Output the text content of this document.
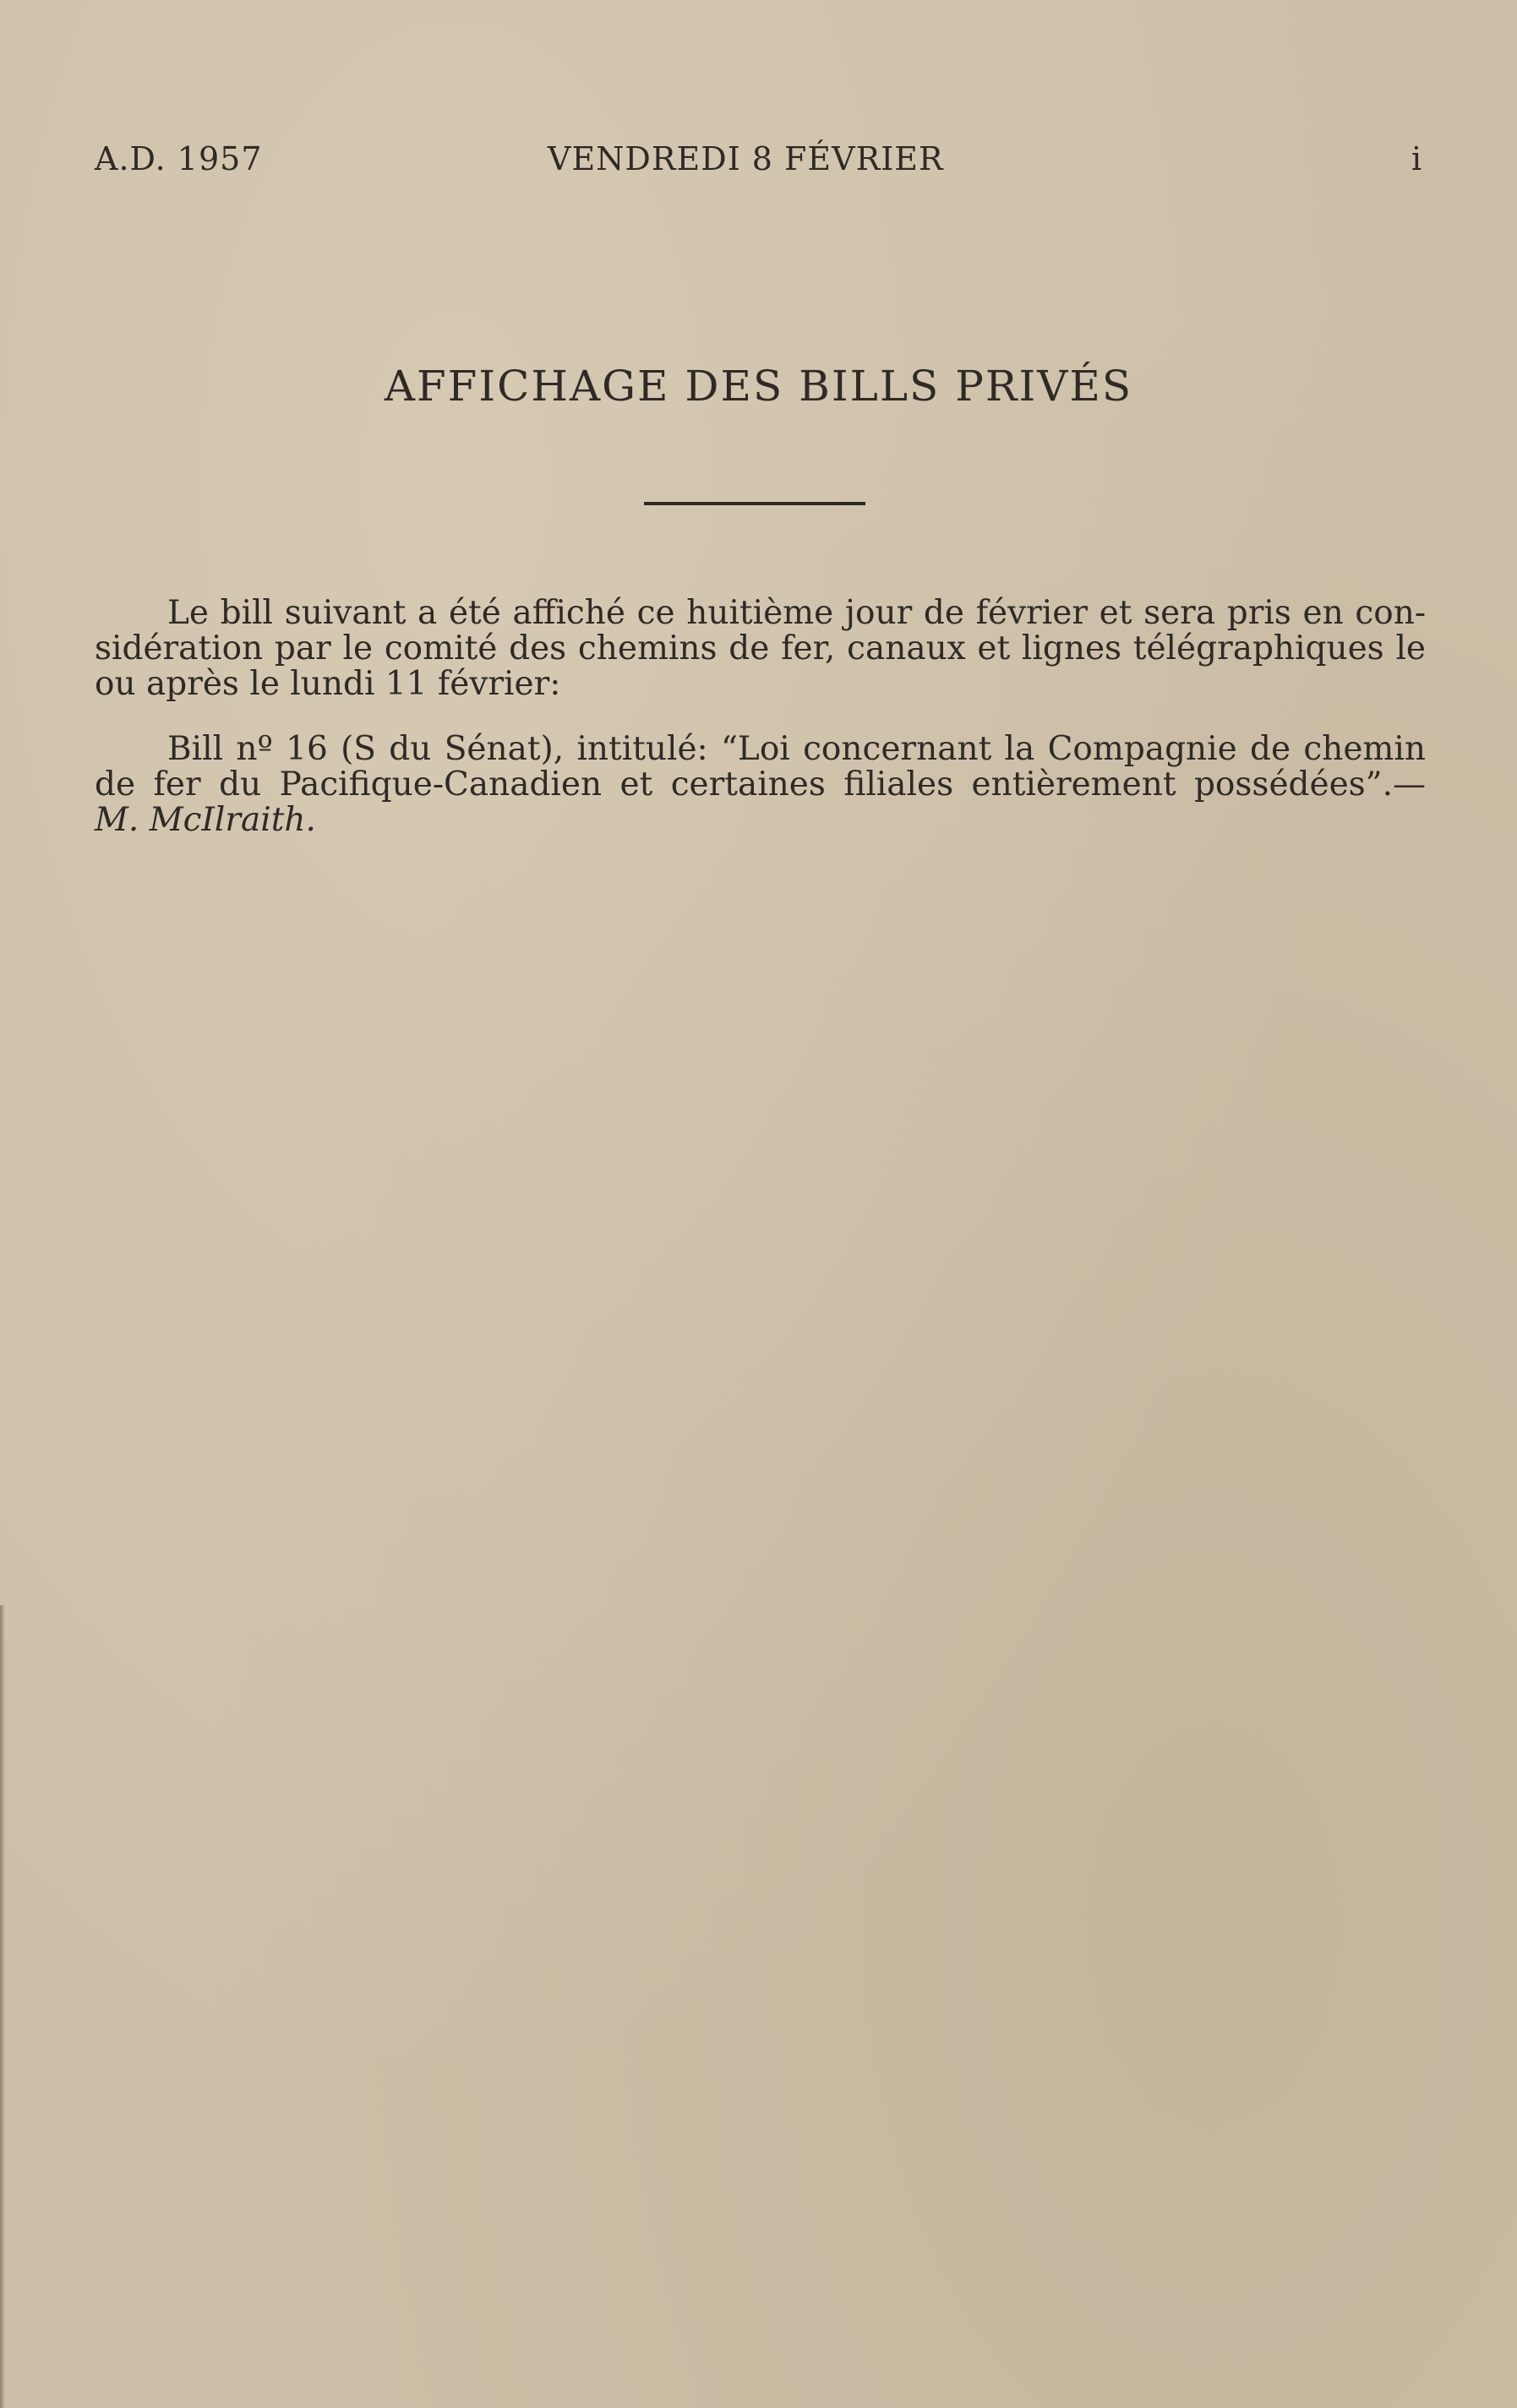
A.D. 1957	VENDREDI 8 FÉVRIER	i
AFFICHAGE DES BILLS PRIVÉS
Le bill suivant a été affiché ce huitième jour de février et sera pris en con-
sidération par le comité des chemins de fer, canaux et lignes télégraphiques le
ou après le lundi 11 février:
Bill nº 16 (S du Sénat), intitulé: “Loi concernant la Compagnie de chemin
de fer du Pacifique-Canadien et certaines filiales entièrement possédées”.—
M. McIlraith.
